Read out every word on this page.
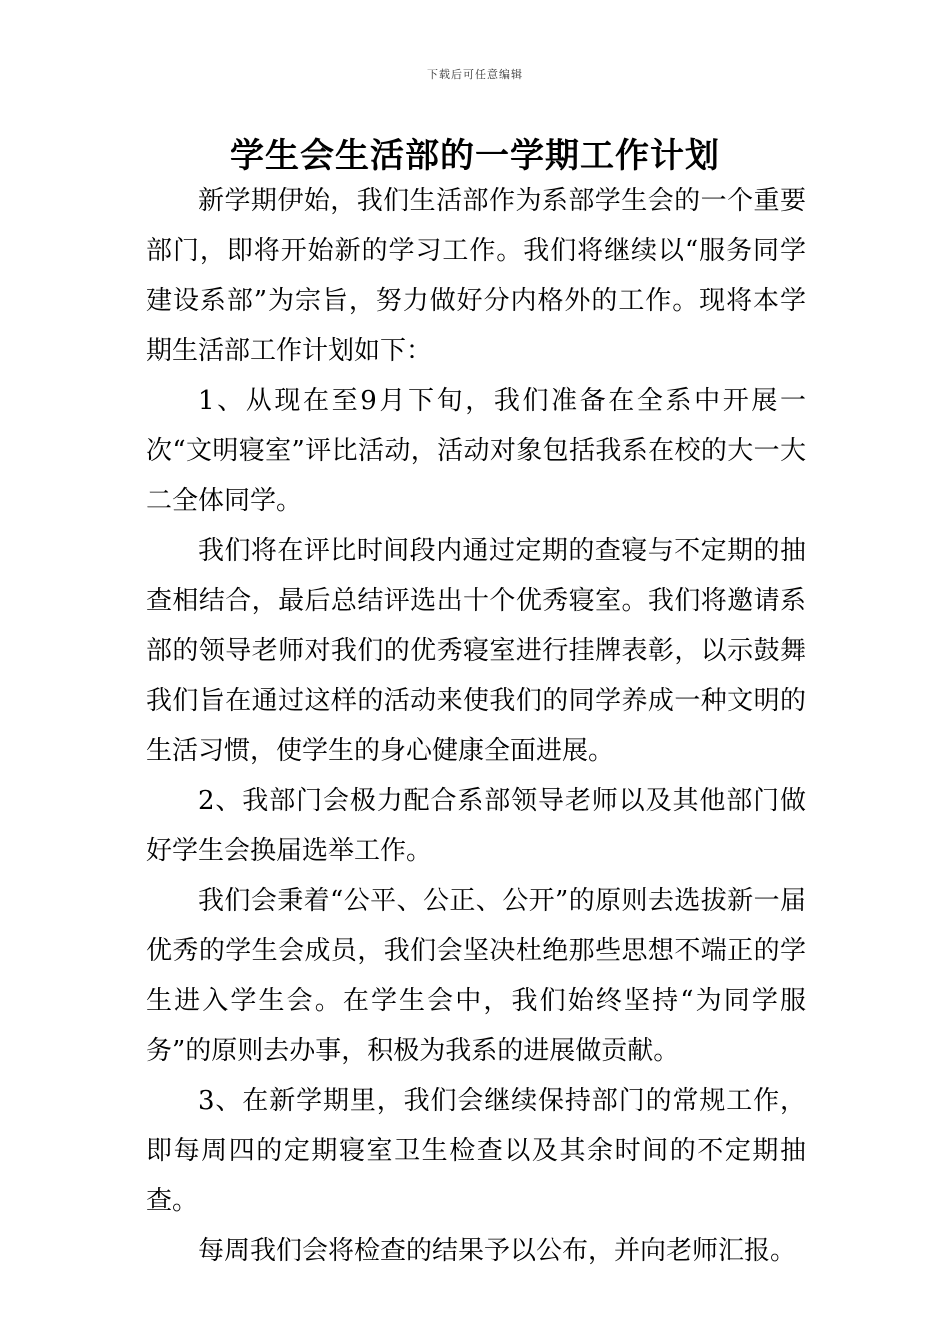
下载后可任意编辑
学生会生活部的一学期工作计划

新学期伊始，我们生活部作为系部学生会的一个重要部门，即将开始新的学习工作。我们将继续以“服务同学建设系部”为宗旨，努力做好分内格外的工作。现将本学期生活部工作计划如下：

1、从现在至9月下旬，我们准备在全系中开展一次“文明寝室”评比活动，活动对象包括我系在校的大一大二全体同学。

我们将在评比时间段内通过定期的查寝与不定期的抽查相结合，最后总结评选出十个优秀寝室。我们将邀请系部的领导老师对我们的优秀寝室进行挂牌表彰，以示鼓舞我们旨在通过这样的活动来使我们的同学养成一种文明的生活习惯，使学生的身心健康全面进展。

2、我部门会极力配合系部领导老师以及其他部门做好学生会换届选举工作。

我们会秉着“公平、公正、公开”的原则去选拔新一届优秀的学生会成员，我们会坚决杜绝那些思想不端正的学生进入学生会。在学生会中，我们始终坚持“为同学服务”的原则去办事，积极为我系的进展做贡献。

3、在新学期里，我们会继续保持部门的常规工作，即每周四的定期寝室卫生检查以及其余时间的不定期抽查。

每周我们会将检查的结果予以公布，并向老师汇报。
